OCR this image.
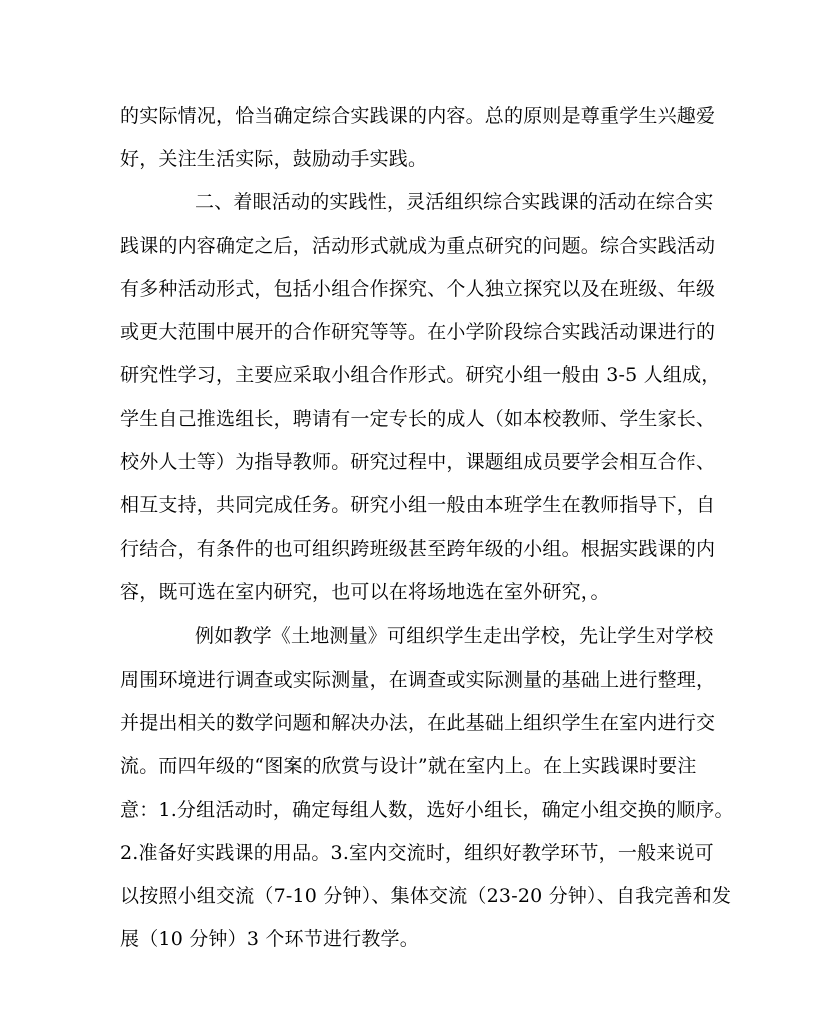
的实际情况，恰当确定综合实践课的内容。总的原则是尊重学生兴趣爱
好，关注生活实际，鼓励动手实践。
二、着眼活动的实践性，灵活组织综合实践课的活动在综合实
践课的内容确定之后，活动形式就成为重点研究的问题。综合实践活动
有多种活动形式，包括小组合作探究、个人独立探究以及在班级、年级
或更大范围中展开的合作研究等等。在小学阶段综合实践活动课进行的
研究性学习，主要应采取小组合作形式。研究小组一般由 3-5 人组成，
学生自己推选组长，聘请有一定专长的成人（如本校教师、学生家长、
校外人士等）为指导教师。研究过程中，课题组成员要学会相互合作、
相互支持，共同完成任务。研究小组一般由本班学生在教师指导下，自
行结合，有条件的也可组织跨班级甚至跨年级的小组。根据实践课的内
容，既可选在室内研究，也可以在将场地选在室外研究，。
例如教学《土地测量》可组织学生走出学校，先让学生对学校
周围环境进行调查或实际测量，在调查或实际测量的基础上进行整理，
并提出相关的数学问题和解决办法，在此基础上组织学生在室内进行交
流。而四年级的“图案的欣赏与设计”就在室内上。在上实践课时要注
意：1.分组活动时，确定每组人数，选好小组长，确定小组交换的顺序。
2.准备好实践课的用品。3.室内交流时，组织好教学环节，一般来说可
以按照小组交流（7-10 分钟）、集体交流（23-20 分钟）、自我完善和发
展（10 分钟）3 个环节进行教学。
